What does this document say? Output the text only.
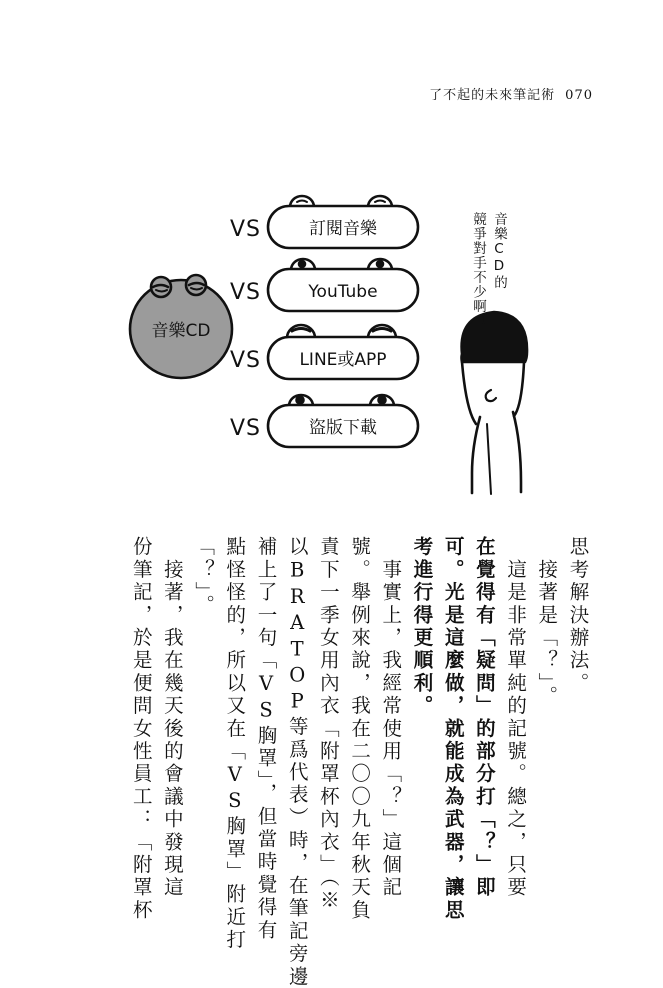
了不起的未來筆記術 070
音樂CD
VS
VS
VS
VS
訂閱音樂
YouTube
LINE或APP
盜版下載
音樂CD的
競爭對手不少啊！
思考解決辦法。
　接著是「？」。
　這是非常單純的記號。總之，只要
在覺得有「疑問」的部分打「？」即
可。光是這麼做，就能成為武器，讓思
考進行得更順利。
　事實上，我經常使用「？」這個記
號。舉例來說，我在二〇〇九年秋天負
責下一季女用內衣「附罩杯內衣」（※
以BRATOP等爲代表）時，在筆記旁邊
補上了一句「VS胸罩」，但當時覺得有
點怪怪的，所以又在「VS胸罩」附近打
「？」。
　接著，我在幾天後的會議中發現這
份筆記，於是便問女性員工：「附罩杯
